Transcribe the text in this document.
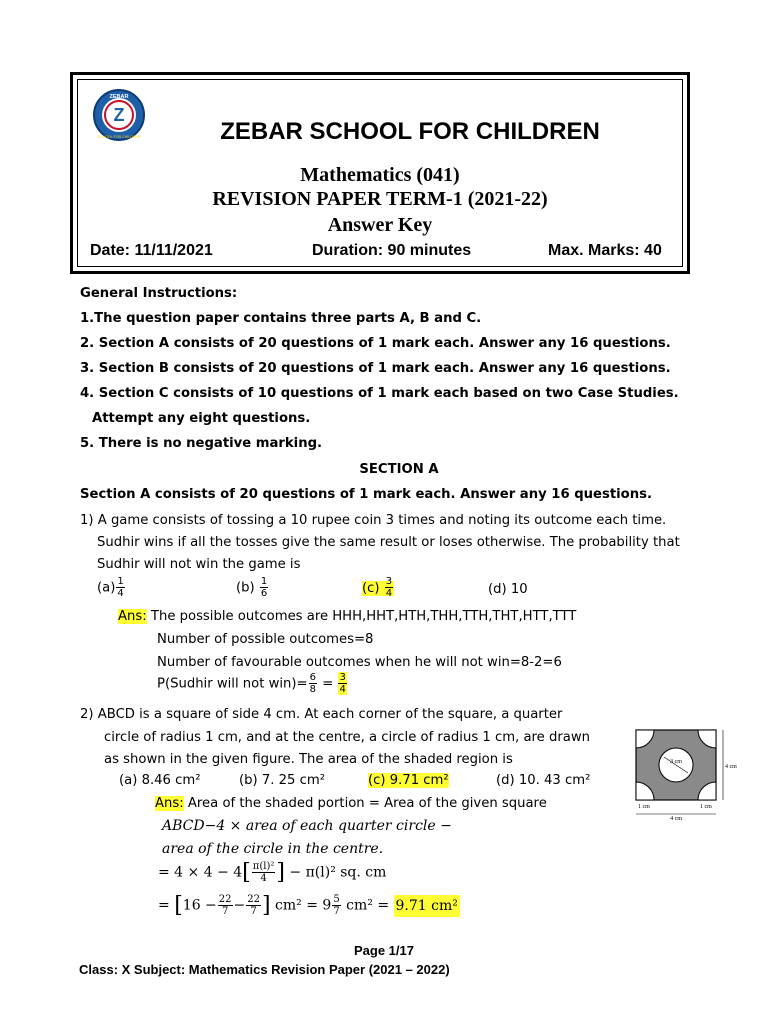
Z
ZEBAR
SCHOOL FOR CHILDREN	ZEBAR SCHOOL FOR CHILDREN
Mathematics (041)
REVISION PAPER TERM-1 (2021-22)
Answer Key
Date: 11/11/2021	Duration: 90 minutes	Max. Marks: 40
General Instructions:
1.The question paper contains three parts A, B and C.
2. Section A consists of 20 questions of 1 mark each. Answer any 16 questions.
3. Section B consists of 20 questions of 1 mark each. Answer any 16 questions.
4. Section C consists of 10 questions of 1 mark each based on two Case Studies.
Attempt any eight questions.
5. There is no negative marking.
SECTION A
Section A consists of 20 questions of 1 mark each. Answer any 16 questions.
1) A game consists of tossing a 10 rupee coin 3 times and noting its outcome each time.
Sudhir wins if all the tosses give the same result or loses otherwise. The probability that
Sudhir will not win the game is
$(a) \frac{1}{4}$	$(b) \frac{1}{6}$	$(c) \frac{3}{4}$	(d) 10
Ans: The possible outcomes are HHH,HHT,HTH,THH,TTH,THT,HTT,TTT
Number of possible outcomes=8
Number of favourable outcomes when he will not win=8-2=6
P(Sudhir will not $win)= \frac{6}{8} = \frac{3}{4}$
2) ABCD is a square of side 4 cm. At each corner of the square, a quarter
circle of radius 1 cm, and at the centre, a circle of radius 1 cm, are drawn
as shown in the given figure. The area of the shaded region is
(a) 8.46 cm²	(b) 7. 25 cm²	(c) 9.71 cm²	(d) 10. 43 cm²
Ans: Area of the shaded portion = Area of the given square
ABCD−4 × area of each quarter circle −
area of the circle in the centre.
= $4 \times 4 - 4[ \frac{\text{π(l)²}}{4}$ ] − π(l)² sq. cm
= [$16 - \frac{22}{7} - \frac{22}{7}$ ] $cm^2 = 9 \frac{5}{7} cm^2 = 9.71$ cm²
3 cm
4 cm
1 cm	1 cm
4 cm
Page 1/17
Class: X Subject: Mathematics Revision Paper (2021 – 2022)
